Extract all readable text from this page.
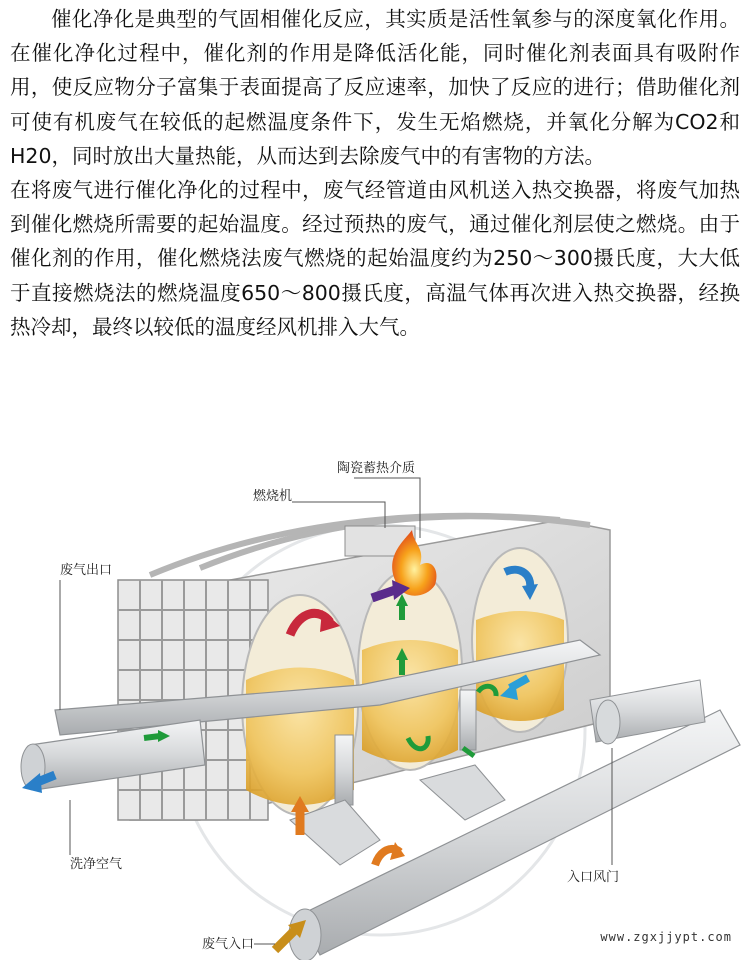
催化净化是典型的气固相催化反应，其实质是活性氧参与的深度氧化作用。在催化净化过程中，催化剂的作用是降低活化能，同时催化剂表面具有吸附作用，使反应物分子富集于表面提高了反应速率，加快了反应的进行；借助催化剂可使有机废气在较低的起燃温度条件下，发生无焰燃烧，并氧化分解为CO2和H20，同时放出大量热能，从而达到去除废气中的有害物的方法。

在将废气进行催化净化的过程中，废气经管道由风机送入热交换器，将废气加热到催化燃烧所需要的起始温度。经过预热的废气，通过催化剂层使之燃烧。由于催化剂的作用，催化燃烧法废气燃烧的起始温度约为250～300摄氏度，大大低于直接燃烧法的燃烧温度650～800摄氏度，高温气体再次进入热交换器，经换热冷却，最终以较低的温度经风机排入大气。

陶瓷蓄热介质
燃烧机
废气出口
洗净空气
入口风门
废气入口	www.zgxjjypt.com
